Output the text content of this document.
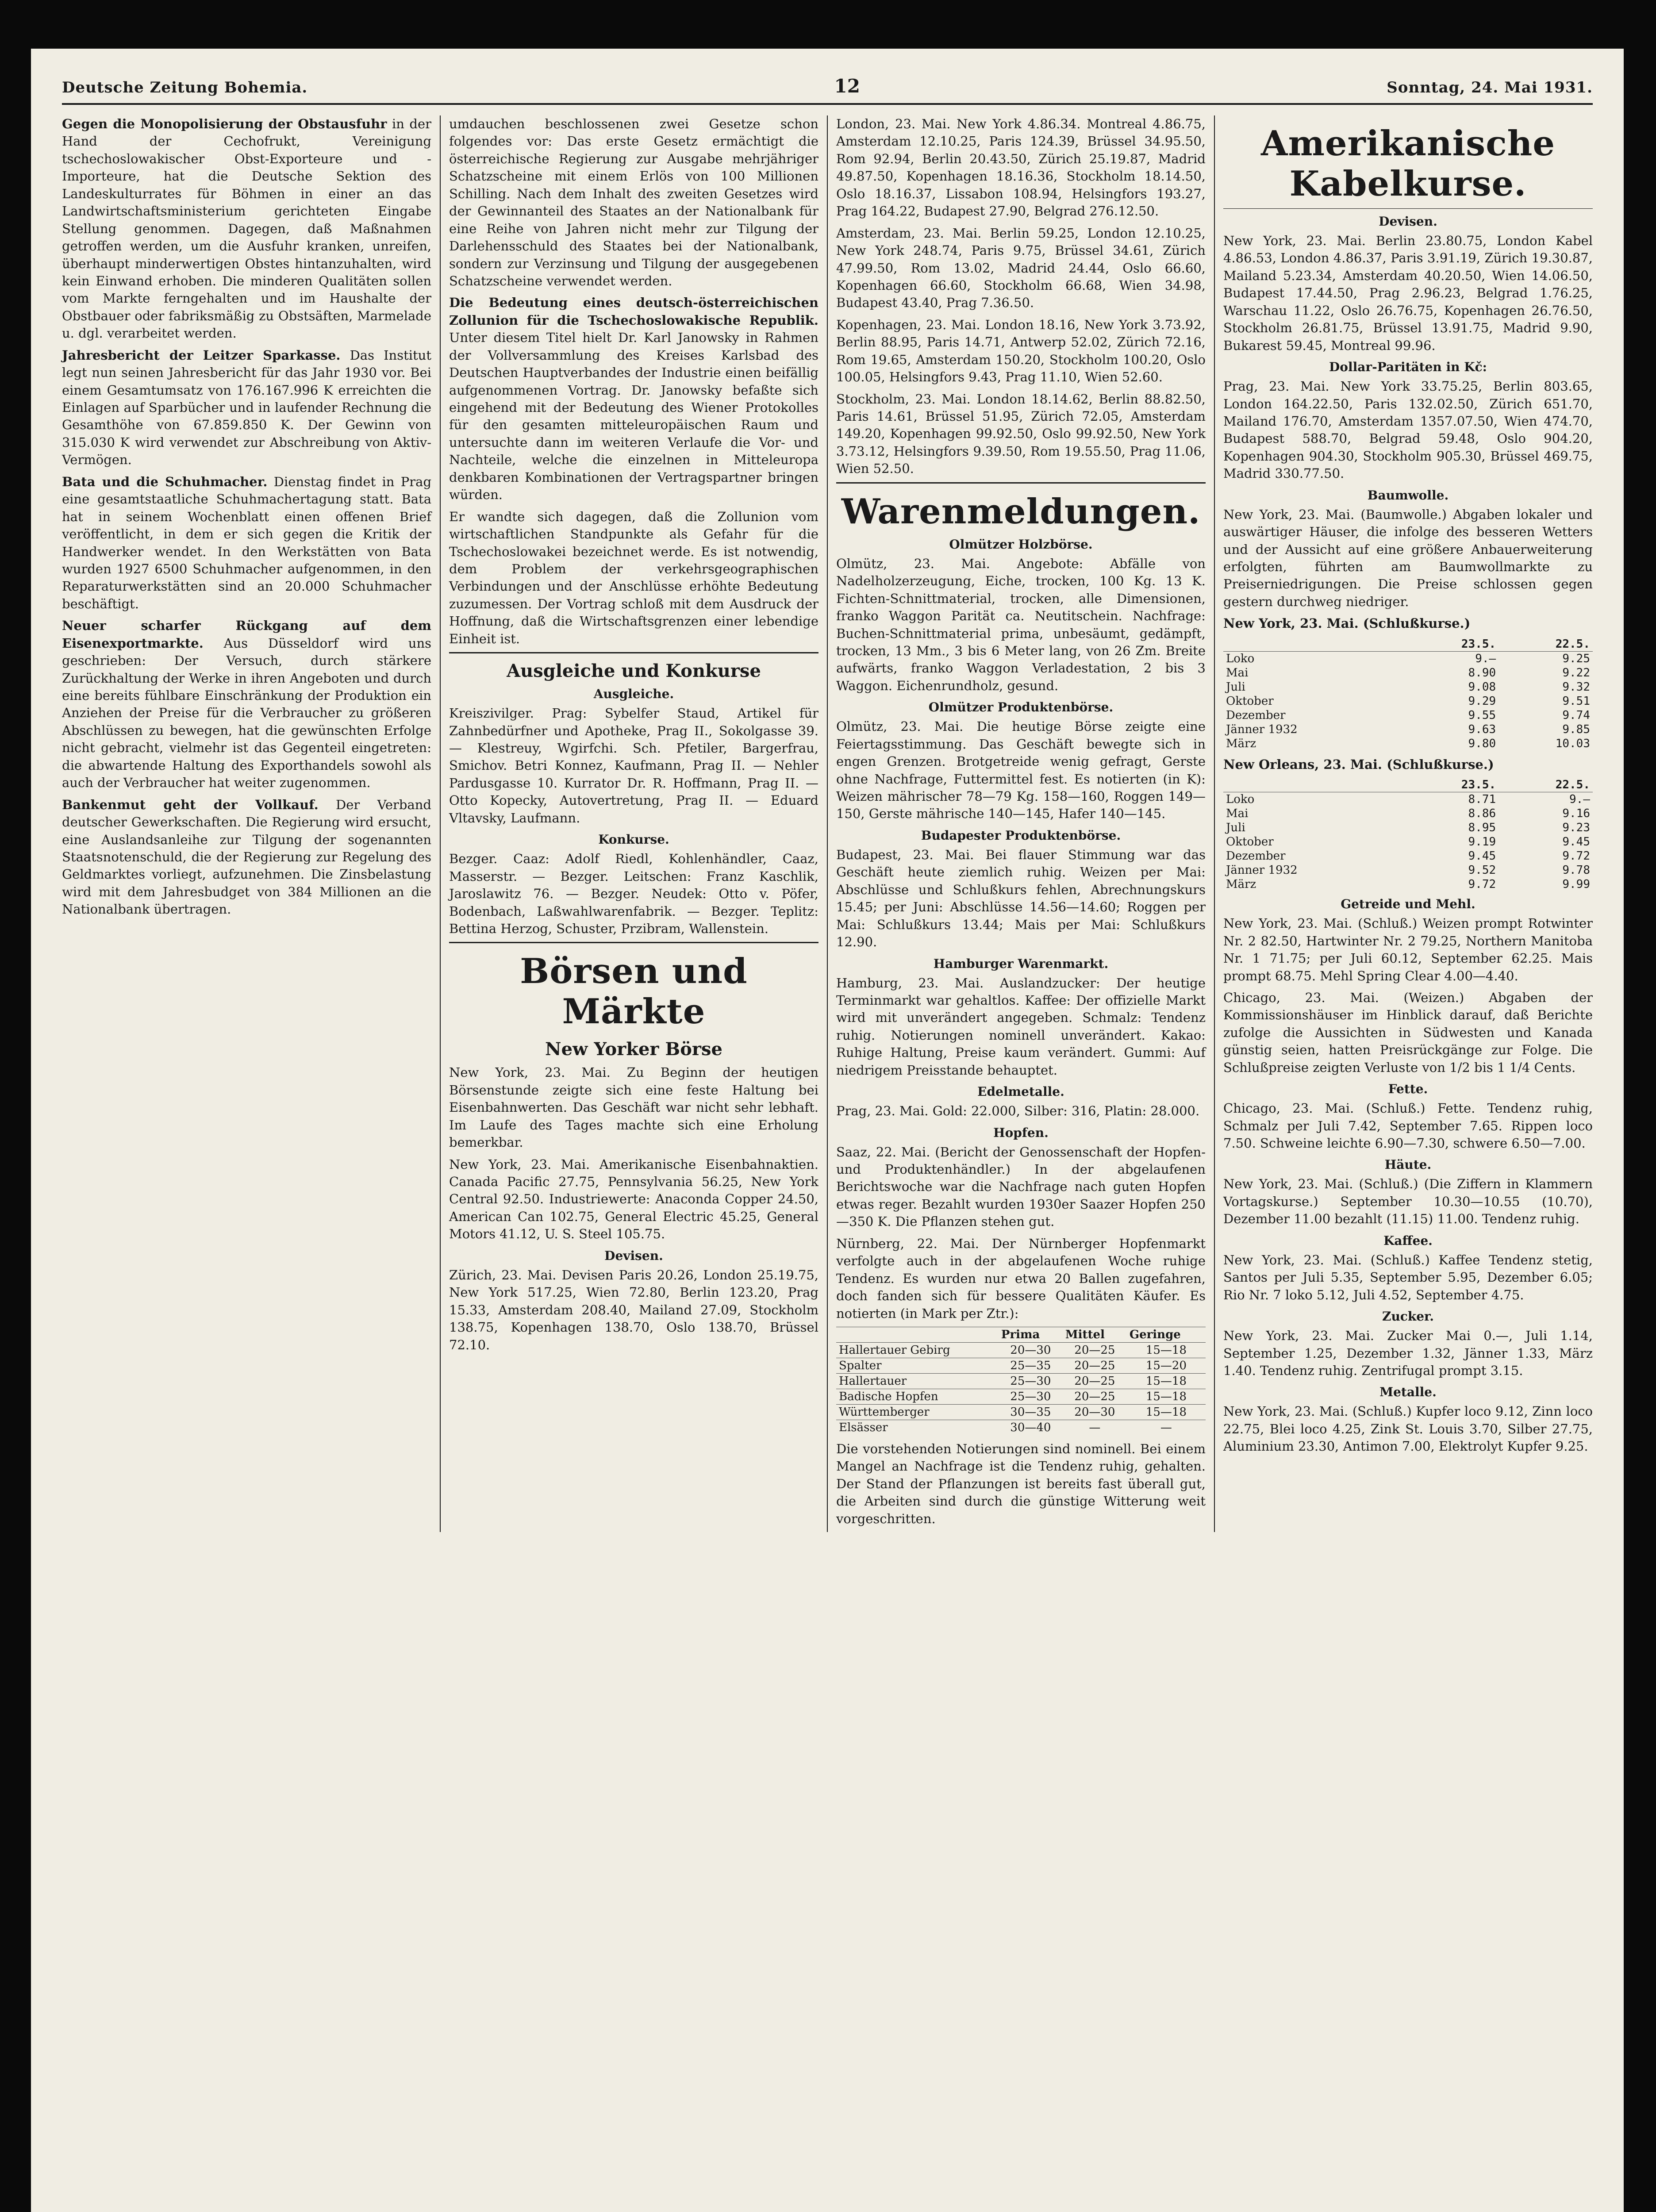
Deutsche Zeitung Bohemia.	12	Sonntag, 24. Mai 1931.

Gegen die Monopolisierung der Obstausfuhr in der Hand der Cechofrukt, Vereinigung tschechoslowakischer Obst-Exporteure und -Importeure, hat die Deutsche Sektion des Landeskulturrates für Böhmen in einer an das Landwirtschaftsministerium gerichteten Eingabe Stellung genommen. Dagegen, daß Maßnahmen getroffen werden, um die Ausfuhr kranken, unreifen, überhaupt minderwertigen Obstes hintanzuhalten, wird kein Einwand erhoben. Die minderen Qualitäten sollen vom Markte ferngehalten und im Haushalte der Obstbauer oder fabriksmäßig zu Obstsäften, Marmelade u. dgl. verarbeitet werden.

Jahresbericht der Leitzer Sparkasse. Das Institut legt nun seinen Jahresbericht für das Jahr 1930 vor. Bei einem Gesamtumsatz von 176.167.996 K erreichten die Einlagen auf Sparbücher und in laufender Rechnung die Gesamthöhe von 67.859.850 K. Der Gewinn von 315.030 K wird verwendet zur Abschreibung von Aktiv-Vermögen.

Bata und die Schuhmacher. Dienstag findet in Prag eine gesamtstaatliche Schuhmachertagung statt. Bata hat in seinem Wochenblatt einen offenen Brief veröffentlicht, in dem er sich gegen die Kritik der Handwerker wendet. In den Werkstätten von Bata wurden 1927 6500 Schuhmacher aufgenommen, in den Reparaturwerkstätten sind an 20.000 Schuhmacher beschäftigt.

Neuer scharfer Rückgang auf dem Eisenexportmarkte. Aus Düsseldorf wird uns geschrieben: Der Versuch, durch stärkere Zurückhaltung der Werke in ihren Angeboten und durch eine bereits fühlbare Einschränkung der Produktion ein Anziehen der Preise für die Verbraucher zu größeren Abschlüssen zu bewegen, hat die gewünschten Erfolge nicht gebracht, vielmehr ist das Gegenteil eingetreten: die abwartende Haltung des Exporthandels sowohl als auch der Verbraucher hat weiter zugenommen.

Bankenmut geht der Vollkauf. Der Verband deutscher Gewerkschaften. Die Regierung wird ersucht, eine Auslandsanleihe zur Tilgung der sogenannten Staatsnotenschuld, die der Regierung zur Regelung des Geldmarktes vorliegt, aufzunehmen. Die Zinsbelastung wird mit dem Jahresbudget von 384 Millionen an die Nationalbank übertragen.

umdauchen beschlossenen zwei Gesetze schon folgendes vor: Das erste Gesetz ermächtigt die österreichische Regierung zur Ausgabe mehrjähriger Schatzscheine mit einem Erlös von 100 Millionen Schilling. Nach dem Inhalt des zweiten Gesetzes wird der Gewinnanteil des Staates an der Nationalbank für eine Reihe von Jahren nicht mehr zur Tilgung der Darlehensschuld des Staates bei der Nationalbank, sondern zur Verzinsung und Tilgung der ausgegebenen Schatzscheine verwendet werden.

Die Bedeutung eines deutsch-österreichischen Zollunion für die Tschechoslowakische Republik. Unter diesem Titel hielt Dr. Karl Janowsky in Rahmen der Vollversammlung des Kreises Karlsbad des Deutschen Hauptverbandes der Industrie einen beifällig aufgenommenen Vortrag. Dr. Janowsky befaßte sich eingehend mit der Bedeutung des Wiener Protokolles für den gesamten mitteleuropäischen Raum und untersuchte dann im weiteren Verlaufe die Vor- und Nachteile, welche die einzelnen in Mitteleuropa denkbaren Kombinationen der Vertragspartner bringen würden.

Er wandte sich dagegen, daß die Zollunion vom wirtschaftlichen Standpunkte als Gefahr für die Tschechoslowakei bezeichnet werde. Es ist notwendig, dem Problem der verkehrsgeographischen Verbindungen und der Anschlüsse erhöhte Bedeutung zuzumessen. Der Vortrag schloß mit dem Ausdruck der Hoffnung, daß die Wirtschaftsgrenzen einer lebendige Einheit ist.

Ausgleiche und Konkurse
Ausgleiche.

Kreiszivilger. Prag: Sybelfer Staud, Artikel für Zahnbedürfner und Apotheke, Prag II., Sokolgasse 39. — Klestreuy, Wgirfchi. Sch. Pfetiler, Bargerfrau, Smichov. Betri Konnez, Kaufmann, Prag II. — Nehler Pardusgasse 10. Kurrator Dr. R. Hoffmann, Prag II. — Otto Kopecky, Autovertretung, Prag II. — Eduard Vltavsky, Laufmann.

Konkurse.

Bezger. Caaz: Adolf Riedl, Kohlenhändler, Caaz, Masserstr. — Bezger. Leitschen: Franz Kaschlik, Jaroslawitz 76. — Bezger. Neudek: Otto v. Pöfer, Bodenbach, Laßwahlwarenfabrik. — Bezger. Teplitz: Bettina Herzog, Schuster, Przibram, Wallenstein.

Börsen und Märkte
New Yorker Börse

New York, 23. Mai. Zu Beginn der heutigen Börsenstunde zeigte sich eine feste Haltung bei Eisenbahnwerten. Das Geschäft war nicht sehr lebhaft. Im Laufe des Tages machte sich eine Erholung bemerkbar.

New York, 23. Mai. Amerikanische Eisenbahnaktien. Canada Pacific 27.75, Pennsylvania 56.25, New York Central 92.50. Industriewerte: Anaconda Copper 24.50, American Can 102.75, General Electric 45.25, General Motors 41.12, U. S. Steel 105.75.

Devisen.

Zürich, 23. Mai. Devisen Paris 20.26, London 25.19.75, New York 517.25, Wien 72.80, Berlin 123.20, Prag 15.33, Amsterdam 208.40, Mailand 27.09, Stockholm 138.75, Kopenhagen 138.70, Oslo 138.70, Brüssel 72.10.

London, 23. Mai. New York 4.86.34. Montreal 4.86.75, Amsterdam 12.10.25, Paris 124.39, Brüssel 34.95.50, Rom 92.94, Berlin 20.43.50, Zürich 25.19.87, Madrid 49.87.50, Kopenhagen 18.16.36, Stockholm 18.14.50, Oslo 18.16.37, Lissabon 108.94, Helsingfors 193.27, Prag 164.22, Budapest 27.90, Belgrad 276.12.50.

Amsterdam, 23. Mai. Berlin 59.25, London 12.10.25, New York 248.74, Paris 9.75, Brüssel 34.61, Zürich 47.99.50, Rom 13.02, Madrid 24.44, Oslo 66.60, Kopenhagen 66.60, Stockholm 66.68, Wien 34.98, Budapest 43.40, Prag 7.36.50.

Kopenhagen, 23. Mai. London 18.16, New York 3.73.92, Berlin 88.95, Paris 14.71, Antwerp 52.02, Zürich 72.16, Rom 19.65, Amsterdam 150.20, Stockholm 100.20, Oslo 100.05, Helsingfors 9.43, Prag 11.10, Wien 52.60.

Stockholm, 23. Mai. London 18.14.62, Berlin 88.82.50, Paris 14.61, Brüssel 51.95, Zürich 72.05, Amsterdam 149.20, Kopenhagen 99.92.50, Oslo 99.92.50, New York 3.73.12, Helsingfors 9.39.50, Rom 19.55.50, Prag 11.06, Wien 52.50.

Warenmeldungen.
Olmützer Holzbörse.

Olmütz, 23. Mai. Angebote: Abfälle von Nadelholzerzeugung, Eiche, trocken, 100 Kg. 13 K. Fichten-Schnittmaterial, trocken, alle Dimensionen, franko Waggon Parität ca. Neutitschein. Nachfrage: Buchen-Schnittmaterial prima, unbesäumt, gedämpft, trocken, 13 Mm., 3 bis 6 Meter lang, von 26 Zm. Breite aufwärts, franko Waggon Verladestation, 2 bis 3 Waggon. Eichenrundholz, gesund.

Olmützer Produktenbörse.

Olmütz, 23. Mai. Die heutige Börse zeigte eine Feiertagsstimmung. Das Geschäft bewegte sich in engen Grenzen. Brotgetreide wenig gefragt, Gerste ohne Nachfrage, Futtermittel fest. Es notierten (in K): Weizen mährischer 78—79 Kg. 158—160, Roggen 149—150, Gerste mährische 140—145, Hafer 140—145.

Budapester Produktenbörse.

Budapest, 23. Mai. Bei flauer Stimmung war das Geschäft heute ziemlich ruhig. Weizen per Mai: Abschlüsse und Schlußkurs fehlen, Abrechnungskurs 15.45; per Juni: Abschlüsse 14.56—14.60; Roggen per Mai: Schlußkurs 13.44; Mais per Mai: Schlußkurs 12.90.

Hamburger Warenmarkt.

Hamburg, 23. Mai. Auslandzucker: Der heutige Terminmarkt war gehaltlos. Kaffee: Der offizielle Markt wird mit unverändert angegeben. Schmalz: Tendenz ruhig. Notierungen nominell unverändert. Kakao: Ruhige Haltung, Preise kaum verändert. Gummi: Auf niedrigem Preisstande behauptet.

Edelmetalle.

Prag, 23. Mai. Gold: 22.000, Silber: 316, Platin: 28.000.

Hopfen.

Saaz, 22. Mai. (Bericht der Genossenschaft der Hopfen- und Produktenhändler.) In der abgelaufenen Berichtswoche war die Nachfrage nach guten Hopfen etwas reger. Bezahlt wurden 1930er Saazer Hopfen 250—350 K. Die Pflanzen stehen gut.

Nürnberg, 22. Mai. Der Nürnberger Hopfenmarkt verfolgte auch in der abgelaufenen Woche ruhige Tendenz. Es wurden nur etwa 20 Ballen zugefahren, doch fanden sich für bessere Qualitäten Käufer. Es notierten (in Mark per Ztr.):

	Prima	Mittel	Geringe
Hallertauer Gebirg	20—30	20—25	15—18
Spalter	25—35	20—25	15—20
Hallertauer	25—30	20—25	15—18
Badische Hopfen	25—30	20—25	15—18
Württemberger	30—35	20—30	15—18
Elsässer	30—40	—	—

Die vorstehenden Notierungen sind nominell. Bei einem Mangel an Nachfrage ist die Tendenz ruhig, gehalten. Der Stand der Pflanzungen ist bereits fast überall gut, die Arbeiten sind durch die günstige Witterung weit vorgeschritten.

Amerikanische Kabelkurse.
Devisen.

New York, 23. Mai. Berlin 23.80.75, London Kabel 4.86.53, London 4.86.37, Paris 3.91.19, Zürich 19.30.87, Mailand 5.23.34, Amsterdam 40.20.50, Wien 14.06.50, Budapest 17.44.50, Prag 2.96.23, Belgrad 1.76.25, Warschau 11.22, Oslo 26.76.75, Kopenhagen 26.76.50, Stockholm 26.81.75, Brüssel 13.91.75, Madrid 9.90, Bukarest 59.45, Montreal 99.96.

Dollar-Paritäten in Kč:

Prag, 23. Mai. New York 33.75.25, Berlin 803.65, London 164.22.50, Paris 132.02.50, Zürich 651.70, Mailand 176.70, Amsterdam 1357.07.50, Wien 474.70, Budapest 588.70, Belgrad 59.48, Oslo 904.20, Kopenhagen 904.30, Stockholm 905.30, Brüssel 469.75, Madrid 330.77.50.

Baumwolle.

New York, 23. Mai. (Baumwolle.) Abgaben lokaler und auswärtiger Häuser, die infolge des besseren Wetters und der Aussicht auf eine größere Anbauerweiterung erfolgten, führten am Baumwollmarkte zu Preiserniedrigungen. Die Preise schlossen gegen gestern durchweg niedriger.

New York, 23. Mai. (Schlußkurse.)

	23.5.	22.5.
Loko	9.—	9.25
Mai	8.90	9.22
Juli	9.08	9.32
Oktober	9.29	9.51
Dezember	9.55	9.74
Jänner 1932	9.63	9.85
März	9.80	10.03

New Orleans, 23. Mai. (Schlußkurse.)

	23.5.	22.5.
Loko	8.71	9.—
Mai	8.86	9.16
Juli	8.95	9.23
Oktober	9.19	9.45
Dezember	9.45	9.72
Jänner 1932	9.52	9.78
März	9.72	9.99
Getreide und Mehl.

New York, 23. Mai. (Schluß.) Weizen prompt Rotwinter Nr. 2 82.50, Hartwinter Nr. 2 79.25, Northern Manitoba Nr. 1 71.75; per Juli 60.12, September 62.25. Mais prompt 68.75. Mehl Spring Clear 4.00—4.40.

Chicago, 23. Mai. (Weizen.) Abgaben der Kommissionshäuser im Hinblick darauf, daß Berichte zufolge die Aussichten in Südwesten und Kanada günstig seien, hatten Preisrückgänge zur Folge. Die Schlußpreise zeigten Verluste von 1/2 bis 1 1/4 Cents.

Fette.

Chicago, 23. Mai. (Schluß.) Fette. Tendenz ruhig, Schmalz per Juli 7.42, September 7.65. Rippen loco 7.50. Schweine leichte 6.90—7.30, schwere 6.50—7.00.

Häute.

New York, 23. Mai. (Schluß.) (Die Ziffern in Klammern Vortagskurse.) September 10.30—10.55 (10.70), Dezember 11.00 bezahlt (11.15) 11.00. Tendenz ruhig.

Kaffee.

New York, 23. Mai. (Schluß.) Kaffee Tendenz stetig, Santos per Juli 5.35, September 5.95, Dezember 6.05; Rio Nr. 7 loko 5.12, Juli 4.52, September 4.75.

Zucker.

New York, 23. Mai. Zucker Mai 0.—, Juli 1.14, September 1.25, Dezember 1.32, Jänner 1.33, März 1.40. Tendenz ruhig. Zentrifugal prompt 3.15.

Metalle.

New York, 23. Mai. (Schluß.) Kupfer loco 9.12, Zinn loco 22.75, Blei loco 4.25, Zink St. Louis 3.70, Silber 27.75, Aluminium 23.30, Antimon 7.00, Elektrolyt Kupfer 9.25.
